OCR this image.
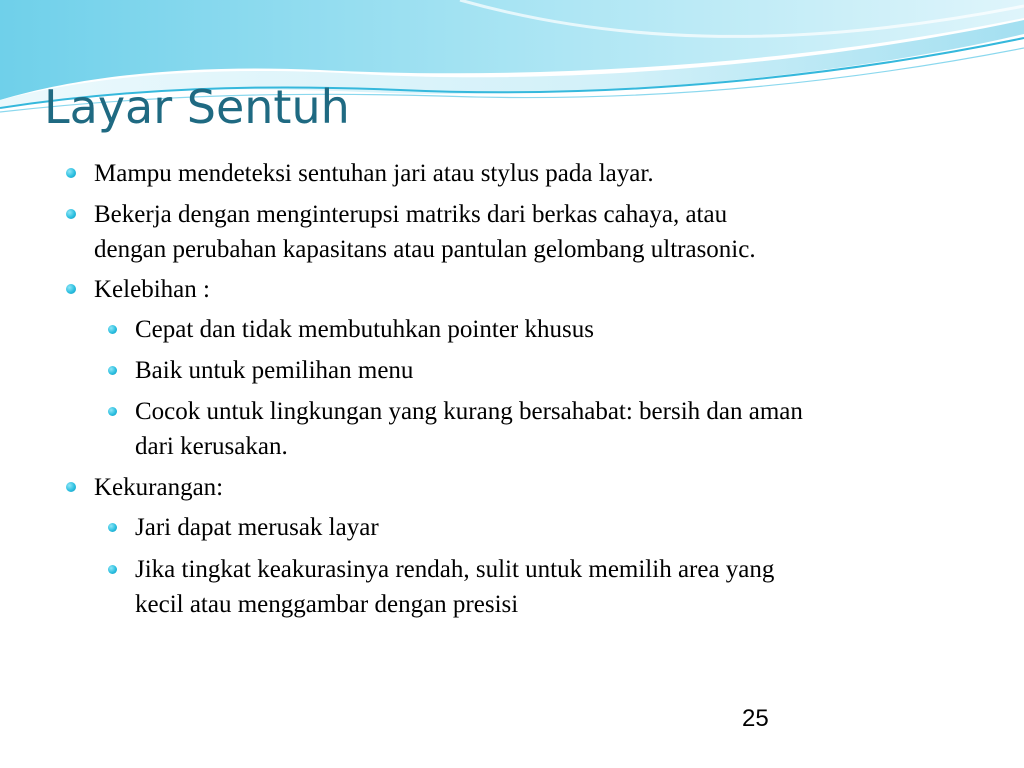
Layar Sentuh
Mampu mendeteksi sentuhan jari atau stylus pada layar.
Bekerja dengan menginterupsi matriks dari berkas cahaya, atau
dengan perubahan kapasitans atau pantulan gelombang ultrasonic.
Kelebihan :
Cepat dan tidak membutuhkan pointer khusus
Baik untuk pemilihan menu
Cocok untuk lingkungan yang kurang bersahabat: bersih dan aman
dari kerusakan.
Kekurangan:
Jari dapat merusak layar
Jika tingkat keakurasinya rendah, sulit untuk memilih area yang
kecil atau menggambar dengan presisi
25
